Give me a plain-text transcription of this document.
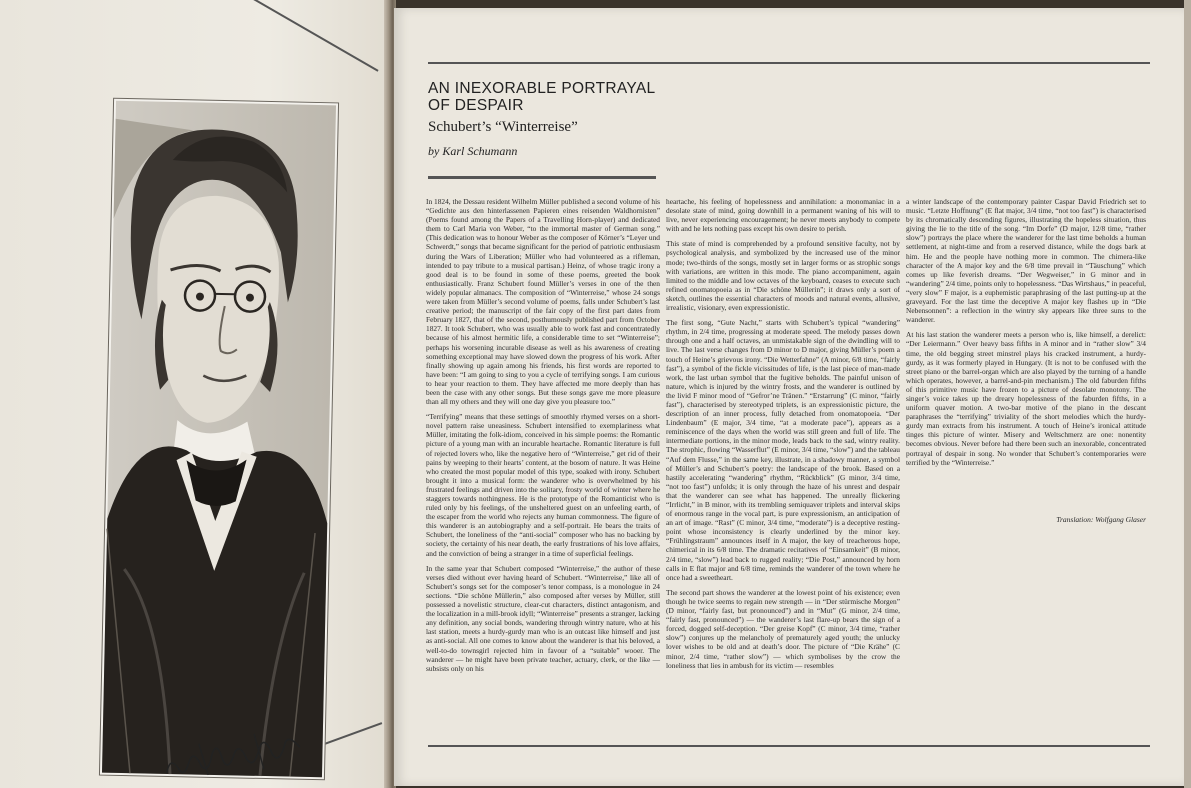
AN INEXORABLE PORTRAYAL
OF DESPAIR
Schubert’s “Winterreise”
by Karl Schumann

In 1824, the Dessau resident Wilhelm Müller published a second volume of his “Gedichte aus den hinterlassenen Papieren eines reisenden Waldhornisten” (Poems found among the Papers of a Travelling Horn-player) and dedicated them to Carl Maria von Weber, “to the immortal master of German song.” (This dedication was to honour Weber as the composer of Körner’s “Leyer und Schwerdt,” songs that became significant for the period of patriotic enthusiasm during the Wars of Liberation; Müller who had volunteered as a rifleman, intended to pay tribute to a musical partisan.) Heinz, of whose tragic irony a good deal is to be found in some of these poems, greeted the book enthusiastically. Franz Schubert found Müller’s verses in one of the then widely popular almanacs. The composition of “Winterreise,” whose 24 songs were taken from Müller’s second volume of poems, falls under Schubert’s last creative period; the manuscript of the fair copy of the first part dates from February 1827, that of the second, posthumously published part from October 1827. It took Schubert, who was usually able to work fast and concentratedly because of his almost hermitic life, a considerable time to set “Winterreise”; perhaps his worsening incurable disease as well as his awareness of creating something exceptional may have slowed down the progress of his work. After finally showing up again among his friends, his first words are reported to have been: “I am going to sing to you a cycle of terrifying songs. I am curious to hear your reaction to them. They have affected me more deeply than has been the case with any other songs. But these songs gave me more pleasure than all my others and they will one day give you pleasure too.”

“Terrifying” means that these settings of smoothly rhymed verses on a short-novel pattern raise uneasiness. Schubert intensified to exemplariness what Müller, imitating the folk-idiom, conceived in his simple poems: the Romantic picture of a young man with an incurable heartache. Romantic literature is full of rejected lovers who, like the negative hero of “Winterreise,” get rid of their pains by weeping to their hearts’ content, at the bosom of nature. It was Heine who created the most popular model of this type, soaked with irony. Schubert brought it into a musical form: the wanderer who is overwhelmed by his frustrated feelings and driven into the solitary, frosty world of winter where he staggers towards nothingness. He is the prototype of the Romanticist who is ruled only by his feelings, of the unsheltered guest on an unfeeling earth, of the escaper from the world who rejects any human commonness. The figure of this wanderer is an autobiography and a self-portrait. He bears the traits of Schubert, the loneliness of the “anti-social” composer who has no backing by society, the certainty of his near death, the early frustrations of his love affairs, and the conviction of being a stranger in a time of superficial feelings.

In the same year that Schubert composed “Winterreise,” the author of these verses died without ever having heard of Schubert. “Winterreise,” like all of Schubert’s songs set for the composer’s tenor compass, is a monologue in 24 sections. “Die schöne Müllerin,” also composed after verses by Müller, still possessed a novelistic structure, clear-cut characters, distinct antagonism, and the localization in a mill-brook idyll; “Winterreise” presents a stranger, lacking any definition, any social bonds, wandering through wintry nature, who at his last station, meets a hurdy-gurdy man who is an outcast like himself and just as anti-social. All one comes to know about the wanderer is that his beloved, a well-to-do townsgirl rejected him in favour of a “suitable” wooer. The wanderer — he might have been private teacher, actuary, clerk, or the like — subsists only on his

heartache, his feeling of hopelessness and annihilation: a monomaniac in a desolate state of mind, going downhill in a permanent waning of his will to live, never experiencing encouragement; he never meets anybody to compete with and he lets nothing pass except his own desire to perish.

This state of mind is comprehended by a profound sensitive faculty, not by psychological analysis, and symbolized by the increased use of the minor mode; two-thirds of the songs, mostly set in larger forms or as strophic songs with variations, are written in this mode. The piano accompaniment, again limited to the middle and low octaves of the keyboard, ceases to execute such refined onomatopoeia as in “Die schöne Müllerin”; it draws only a sort of sketch, outlines the essential characters of moods and natural events, allusive, irrealistic, visionary, even expressionistic.

The first song, “Gute Nacht,” starts with Schubert’s typical “wandering” rhythm, in 2/4 time, progressing at moderate speed. The melody passes down through one and a half octaves, an unmistakable sign of the dwindling will to live. The last verse changes from D minor to D major, giving Müller’s poem a touch of Heine’s grievous irony. “Die Wetterfahne” (A minor, 6/8 time, “fairly fast”), a symbol of the fickle vicissitudes of life, is the last piece of man-made work, the last urban symbol that the fugitive beholds. The painful unison of nature, which is injured by the wintry frosts, and the wanderer is outlined by the livid F minor mood of “Gefror’ne Tränen.” “Erstarrung” (C minor, “fairly fast”), characterised by stereotyped triplets, is an expressionistic picture, the description of an inner process, fully detached from onomatopoeia. “Der Lindenbaum” (E major, 3/4 time, “at a moderate pace”), appears as a reminiscence of the days when the world was still green and full of life. The intermediate portions, in the minor mode, leads back to the sad, wintry reality. The strophic, flowing “Wasserflut” (E minor, 3/4 time, “slow”) and the tableau “Auf dem Flusse,” in the same key, illustrate, in a shadowy manner, a symbol of Müller’s and Schubert’s poetry: the landscape of the brook. Based on a hastily accelerating “wandering” rhythm, “Rückblick” (G minor, 3/4 time, “not too fast”) unfolds; it is only through the haze of his unrest and despair that the wanderer can see what has happened. The unreally flickering “Irrlicht,” in B minor, with its trembling semiquaver triplets and interval skips of enormous range in the vocal part, is pure expressionism, an anticipation of an art of image. “Rast” (C minor, 3/4 time, “moderate”) is a deceptive resting-point whose inconsistency is clearly underlined by the minor key. “Frühlingstraum” announces itself in A major, the key of treacherous hope, chimerical in its 6/8 time. The dramatic recitatives of “Einsamkeit” (B minor, 2/4 time, “slow”) lead back to rugged reality; “Die Post,” announced by horn calls in E flat major and 6/8 time, reminds the wanderer of the town where he once had a sweetheart.

The second part shows the wanderer at the lowest point of his existence; even though he twice seems to regain new strength — in “Der stürmische Morgen” (D minor, “fairly fast, but pronounced”) and in “Mut” (G minor, 2/4 time, “fairly fast, pronounced”) — the wanderer’s last flare-up bears the sign of a forced, dogged self-deception. “Der greise Kopf” (C minor, 3/4 time, “rather slow”) conjures up the melancholy of prematurely aged youth; the unlucky lover wishes to be old and at death’s door. The picture of “Die Krähe” (C minor, 2/4 time, “rather slow”) — which symbolises by the crow the loneliness that lies in ambush for its victim — resembles

a winter landscape of the contemporary painter Caspar David Friedrich set to music. “Letzte Hoffnung” (E flat major, 3/4 time, “not too fast”) is characterised by its chromatically descending figures, illustrating the hopeless situation, thus giving the lie to the title of the song. “Im Dorfe” (D major, 12/8 time, “rather slow”) portrays the place where the wanderer for the last time beholds a human settlement, at night-time and from a reserved distance, while the dogs bark at him. He and the people have nothing more in common. The chimera-like character of the A major key and the 6/8 time prevail in “Täuschung” which comes up like feverish dreams. “Der Wegweiser,” in G minor and in “wandering” 2/4 time, points only to hopelessness. “Das Wirtshaus,” in peaceful, “very slow” F major, is a euphemistic paraphrasing of the last putting-up at the graveyard. For the last time the deceptive A major key flashes up in “Die Nebensonnen”: a reflection in the wintry sky appears like three suns to the wanderer.

At his last station the wanderer meets a person who is, like himself, a derelict: “Der Leiermann.” Over heavy bass fifths in A minor and in “rather slow” 3/4 time, the old begging street minstrel plays his cracked instrument, a hurdy-gurdy, as it was formerly played in Hungary. (It is not to be confused with the street piano or the barrel-organ which are also played by the turning of a handle which operates, however, a barrel-and-pin mechanism.) The old faburden fifths of this primitive music have frozen to a picture of desolate monotony. The singer’s voice takes up the dreary hopelessness of the faburden fifths, in a uniform quaver motion. A two-bar motive of the piano in the descant paraphrases the “terrifying” triviality of the short melodies which the hurdy-gurdy man extracts from his instrument. A touch of Heine’s ironical attitude tinges this picture of winter. Misery and Weltschmerz are one: nonentity becomes obvious. Never before had there been such an inexorable, concentrated portrayal of despair in song. No wonder that Schubert’s contemporaries were terrified by the “Winterreise.”

Translation: Wolfgang Glaser
